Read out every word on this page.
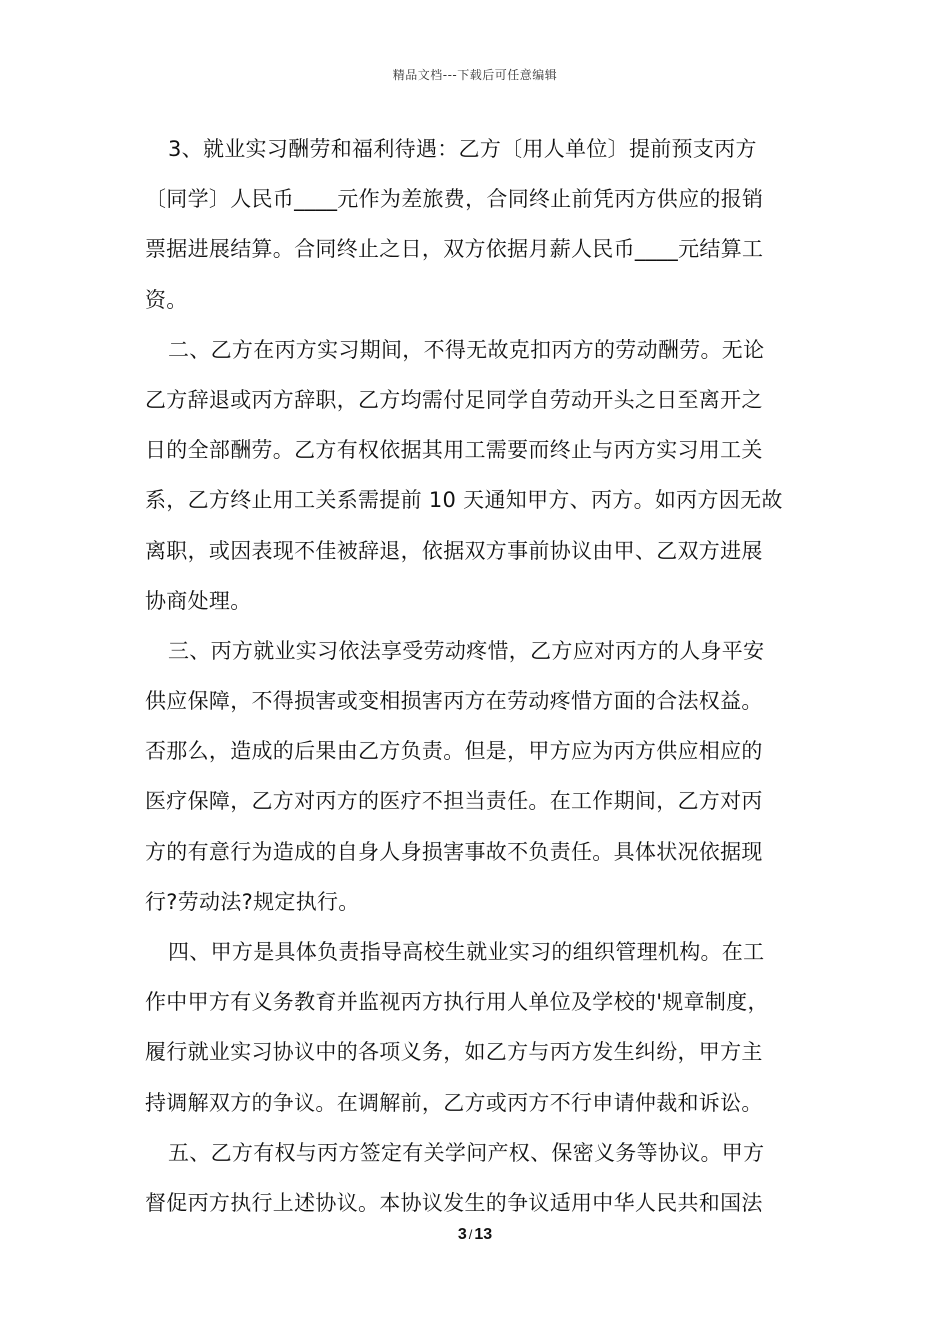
精品文档---下载后可任意编辑
3、就业实习酬劳和福利待遇：乙方〔用人单位〕提前预支丙方
〔同学〕人民币____元作为差旅费，合同终止前凭丙方供应的报销
票据进展结算。合同终止之日，双方依据月薪人民币____元结算工
资。
二、乙方在丙方实习期间，不得无故克扣丙方的劳动酬劳。无论
乙方辞退或丙方辞职，乙方均需付足同学自劳动开头之日至离开之
日的全部酬劳。乙方有权依据其用工需要而终止与丙方实习用工关
系，乙方终止用工关系需提前 10 天通知甲方、丙方。如丙方因无故
离职，或因表现不佳被辞退，依据双方事前协议由甲、乙双方进展
协商处理。
三、丙方就业实习依法享受劳动疼惜，乙方应对丙方的人身平安
供应保障，不得损害或变相损害丙方在劳动疼惜方面的合法权益。
否那么，造成的后果由乙方负责。但是，甲方应为丙方供应相应的
医疗保障，乙方对丙方的医疗不担当责任。在工作期间，乙方对丙
方的有意行为造成的自身人身损害事故不负责任。具体状况依据现
行?劳动法?规定执行。
四、甲方是具体负责指导高校生就业实习的组织管理机构。在工
作中甲方有义务教育并监视丙方执行用人单位及学校的'规章制度，
履行就业实习协议中的各项义务，如乙方与丙方发生纠纷，甲方主
持调解双方的争议。在调解前，乙方或丙方不行申请仲裁和诉讼。
五、乙方有权与丙方签定有关学问产权、保密义务等协议。甲方
督促丙方执行上述协议。本协议发生的争议适用中华人民共和国法
3 / 13
